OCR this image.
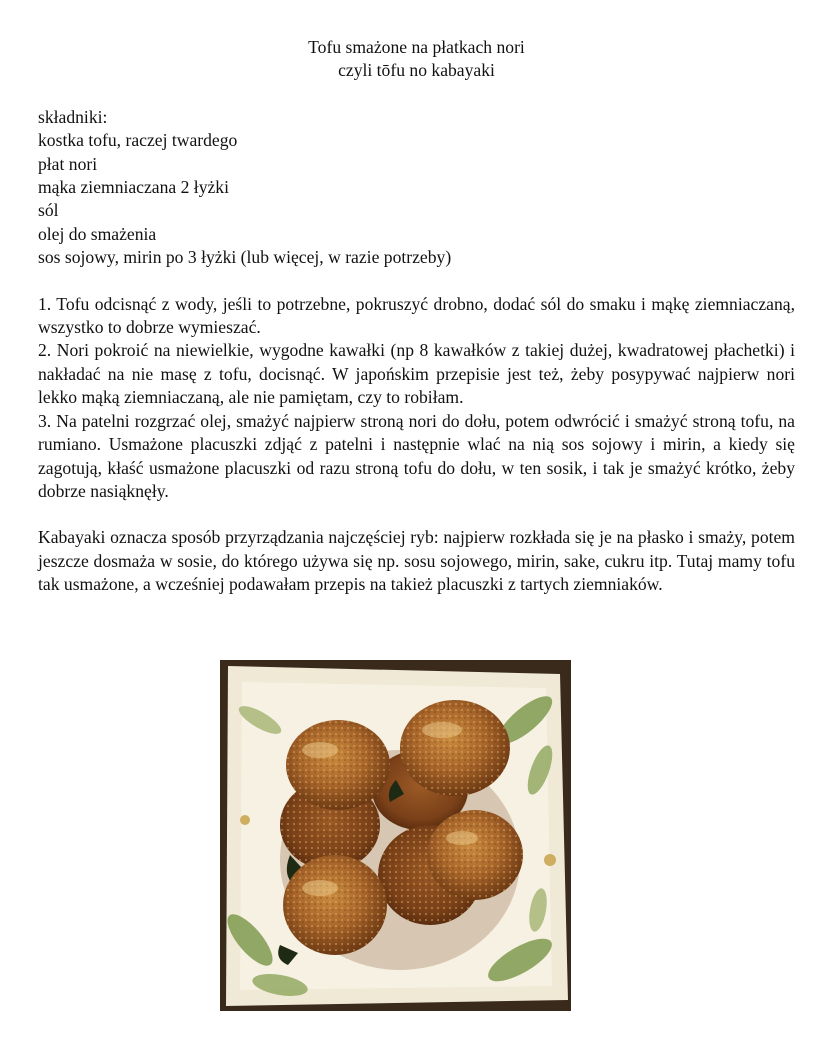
Tofu smażone na płatkach nori
czyli tōfu no kabayaki
składniki:
kostka tofu, raczej twardego
płat nori
mąka ziemniaczana 2 łyżki
sól
olej do smażenia
sos sojowy, mirin po 3 łyżki (lub więcej, w razie potrzeby)

1. Tofu odcisnąć z wody, jeśli to potrzebne, pokruszyć drobno, dodać sól do smaku i mąkę ziemniaczaną, wszystko to dobrze wymieszać.

2. Nori pokroić na niewielkie, wygodne kawałki (np 8 kawałków z takiej dużej, kwadratowej płachetki) i nakładać na nie masę z tofu, docisnąć. W japońskim przepisie jest też, żeby posypywać najpierw nori lekko mąką ziemniaczaną, ale nie pamiętam, czy to robiłam.

3. Na patelni rozgrzać olej, smażyć najpierw stroną nori do dołu, potem odwrócić i smażyć stroną tofu, na rumiano. Usmażone placuszki zdjąć z patelni i następnie wlać na nią sos sojowy i mirin, a kiedy się zagotują, kłaść usmażone placuszki od razu stroną tofu do dołu, w ten sosik, i tak je smażyć krótko, żeby dobrze nasiąknęły.

Kabayaki oznacza sposób przyrządzania najczęściej ryb: najpierw rozkłada się je na płasko i smaży, potem jeszcze dosmaża w sosie, do którego używa się np. sosu sojowego, mirin, sake, cukru itp. Tutaj mamy tofu tak usmażone, a wcześniej podawałam przepis na takież placuszki z tartych ziemniaków.
